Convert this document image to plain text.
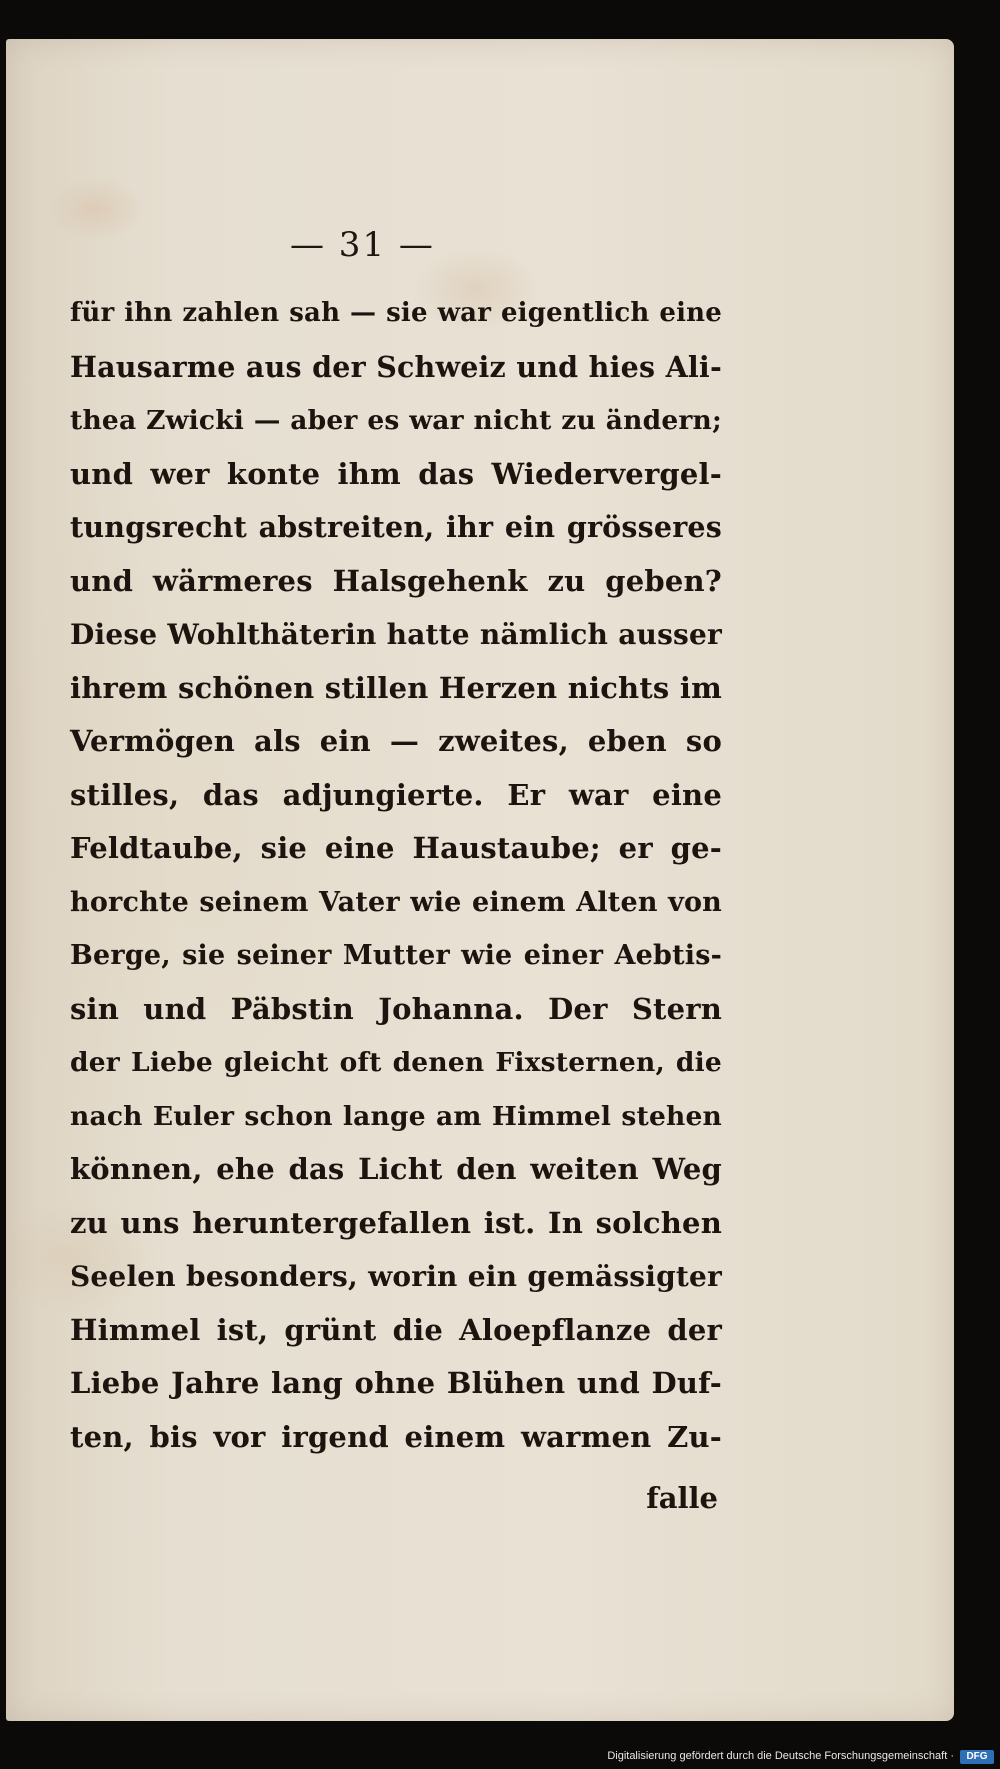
— 31 —
für ihn zahlen sah — sie war eigentlich eine
Hausarme aus der Schweiz und hies Ali-
thea Zwicki — aber es war nicht zu ändern;
und wer konte ihm das Wiedervergel-
tungsrecht abstreiten, ihr ein grösseres
und wärmeres Halsgehenk zu geben?
Diese Wohlthäterin hatte nämlich ausser
ihrem schönen stillen Herzen nichts im
Vermögen als ein — zweites, eben so
stilles, das adjungierte. Er war eine
Feldtaube, sie eine Haustaube; er ge-
horchte seinem Vater wie einem Alten von
Berge, sie seiner Mutter wie einer Aebtis-
sin und Päbstin Johanna. Der Stern
der Liebe gleicht oft denen Fixsternen, die
nach Euler schon lange am Himmel stehen
können, ehe das Licht den weiten Weg
zu uns heruntergefallen ist. In solchen
Seelen besonders, worin ein gemässigter
Himmel ist, grünt die Aloepflanze der
Liebe Jahre lang ohne Blühen und Duf-
ten, bis vor irgend einem warmen Zu-
falle
Digitalisierung gefördert durch die Deutsche Forschungsgemeinschaft ·	DFG
